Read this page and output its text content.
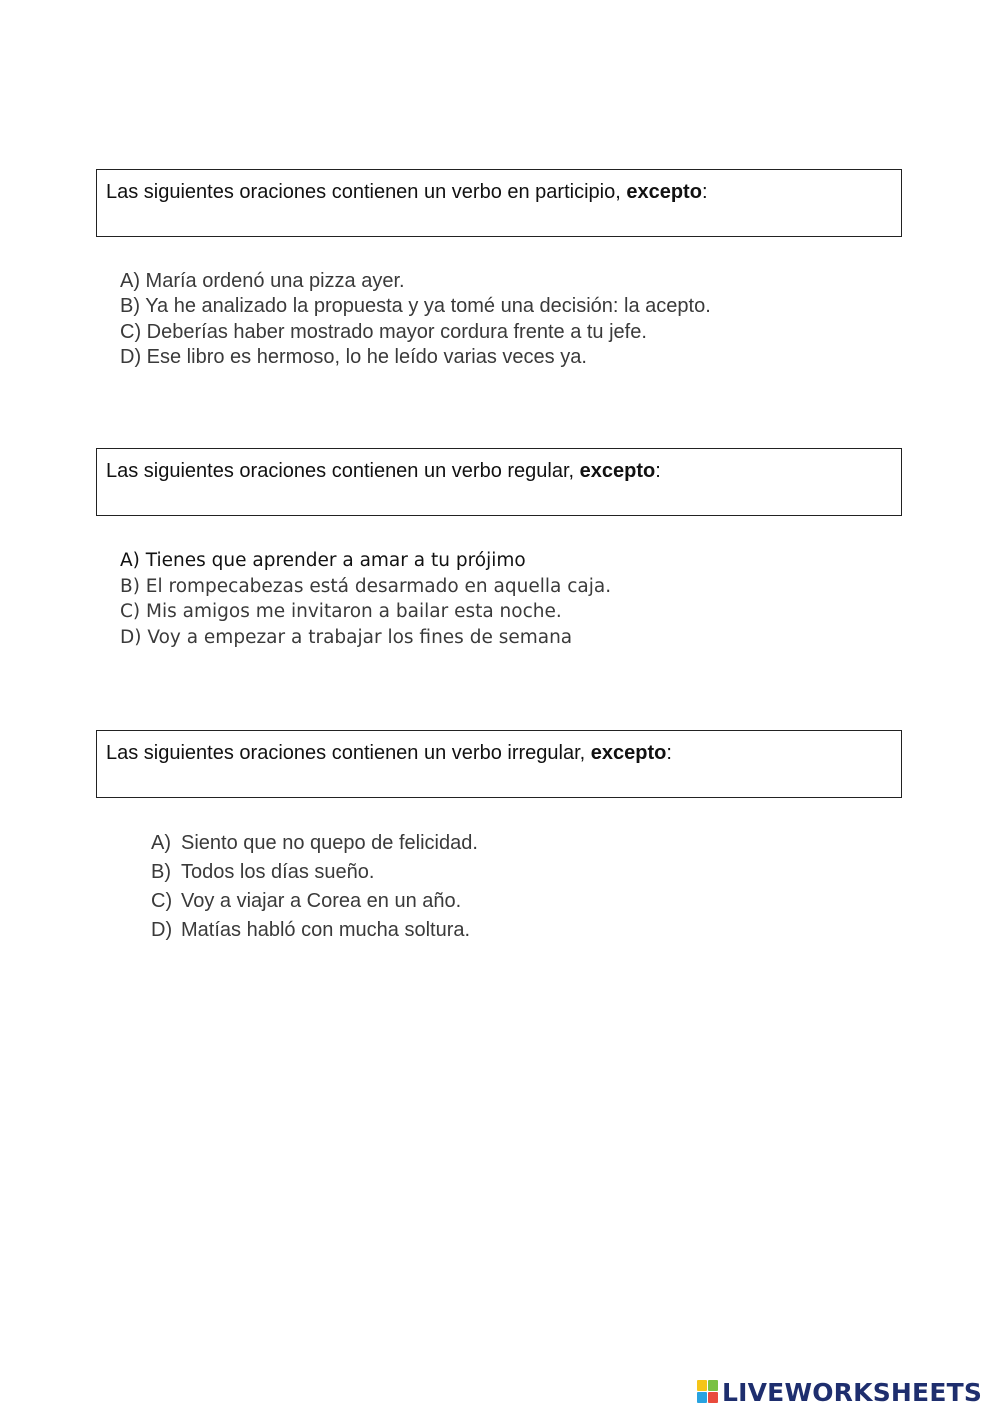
Las siguientes oraciones contienen un verbo en participio, excepto:
A) María ordenó una pizza ayer.
B) Ya he analizado la propuesta y ya tomé una decisión: la acepto.
C) Deberías haber mostrado mayor cordura frente a tu jefe.
D) Ese libro es hermoso, lo he leído varias veces ya.
Las siguientes oraciones contienen un verbo regular, excepto:
A) Tienes que aprender a amar a tu prójimo
B) El rompecabezas está desarmado en aquella caja.
C) Mis amigos me invitaron a bailar esta noche.
D) Voy a empezar a trabajar los fines de semana
Las siguientes oraciones contienen un verbo irregular, excepto:
A) Siento que no quepo de felicidad.
B) Todos los días sueño.
C) Voy a viajar a Corea en un año.
D) Matías habló con mucha soltura.
LIVEWORKSHEETS
